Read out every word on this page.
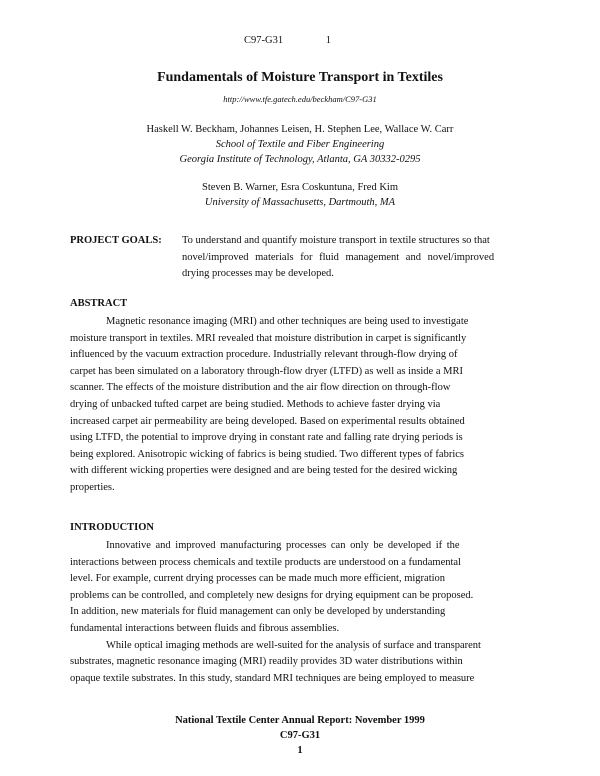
C97-G31	1
Fundamentals of Moisture Transport in Textiles
http://www.tfe.gatech.edu/beckham/C97-G31
Haskell W. Beckham, Johannes Leisen, H. Stephen Lee, Wallace W. Carr
School of Textile and Fiber Engineering
Georgia Institute of Technology, Atlanta, GA 30332-0295
Steven B. Warner, Esra Coskuntuna, Fred Kim
University of Massachusetts, Dartmouth, MA
PROJECT GOALS: To understand and quantify moisture transport in textile structures so that
novel/improved materials for fluid management and novel/improved
drying processes may be developed.
ABSTRACT
Magnetic resonance imaging (MRI) and other techniques are being used to investigate
moisture transport in textiles. MRI revealed that moisture distribution in carpet is significantly
influenced by the vacuum extraction procedure. Industrially relevant through-flow drying of
carpet has been simulated on a laboratory through-flow dryer (LTFD) as well as inside a MRI
scanner. The effects of the moisture distribution and the air flow direction on through-flow
drying of unbacked tufted carpet are being studied. Methods to achieve faster drying via
increased carpet air permeability are being developed. Based on experimental results obtained
using LTFD, the potential to improve drying in constant rate and falling rate drying periods is
being explored. Anisotropic wicking of fabrics is being studied. Two different types of fabrics
with different wicking properties were designed and are being tested for the desired wicking
properties.
INTRODUCTION
Innovative and improved manufacturing processes can only be developed if the
interactions between process chemicals and textile products are understood on a fundamental
level. For example, current drying processes can be made much more efficient, migration
problems can be controlled, and completely new designs for drying equipment can be proposed.
In addition, new materials for fluid management can only be developed by understanding
fundamental interactions between fluids and fibrous assemblies.
While optical imaging methods are well-suited for the analysis of surface and transparent
substrates, magnetic resonance imaging (MRI) readily provides 3D water distributions within
opaque textile substrates. In this study, standard MRI techniques are being employed to measure
National Textile Center Annual Report: November 1999
C97-G31
1
